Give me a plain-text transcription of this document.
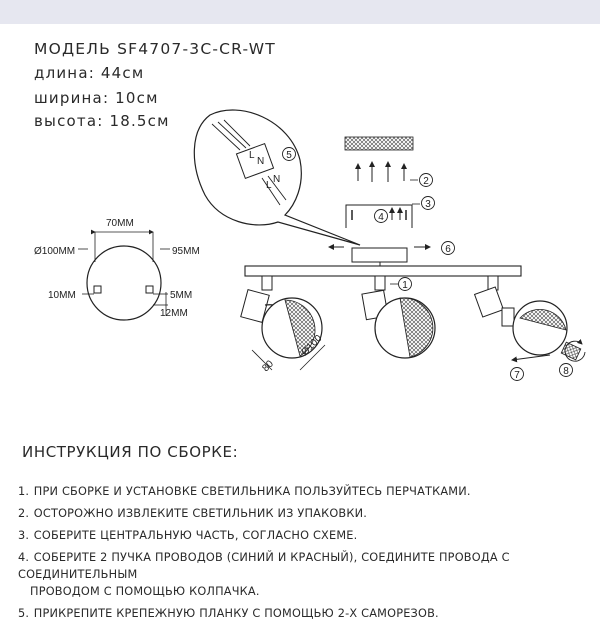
МОДЕЛЬ SF4707-3C-CR-WT
длина: 44см
ширина: 10см
высота: 18.5см
70MM
Ø100MM	95MM
10MM	5MM
12MM
L
N
L
N
80
Ø100
1
2
3
4
5
6
7	8
ИНСТРУКЦИЯ ПО СБОРКЕ:
1. ПРИ СБОРКЕ И УСТАНОВКЕ СВЕТИЛЬНИКА ПОЛЬЗУЙТЕСЬ ПЕРЧАТКАМИ.
2. ОСТОРОЖНО ИЗВЛЕКИТЕ СВЕТИЛЬНИК ИЗ УПАКОВКИ.
3. СОБЕРИТЕ ЦЕНТРАЛЬНУЮ ЧАСТЬ, СОГЛАСНО СХЕМЕ.
4. СОБЕРИТЕ 2 ПУЧКА ПРОВОДОВ (СИНИЙ И КРАСНЫЙ), СОЕДИНИТЕ ПРОВОДА С СОЕДИНИТЕЛЬНЫМ
ПРОВОДОМ С ПОМОЩЬЮ КОЛПАЧКА.
5. ПРИКРЕПИТЕ КРЕПЕЖНУЮ ПЛАНКУ С ПОМОЩЬЮ 2-Х САМОРЕЗОВ.
